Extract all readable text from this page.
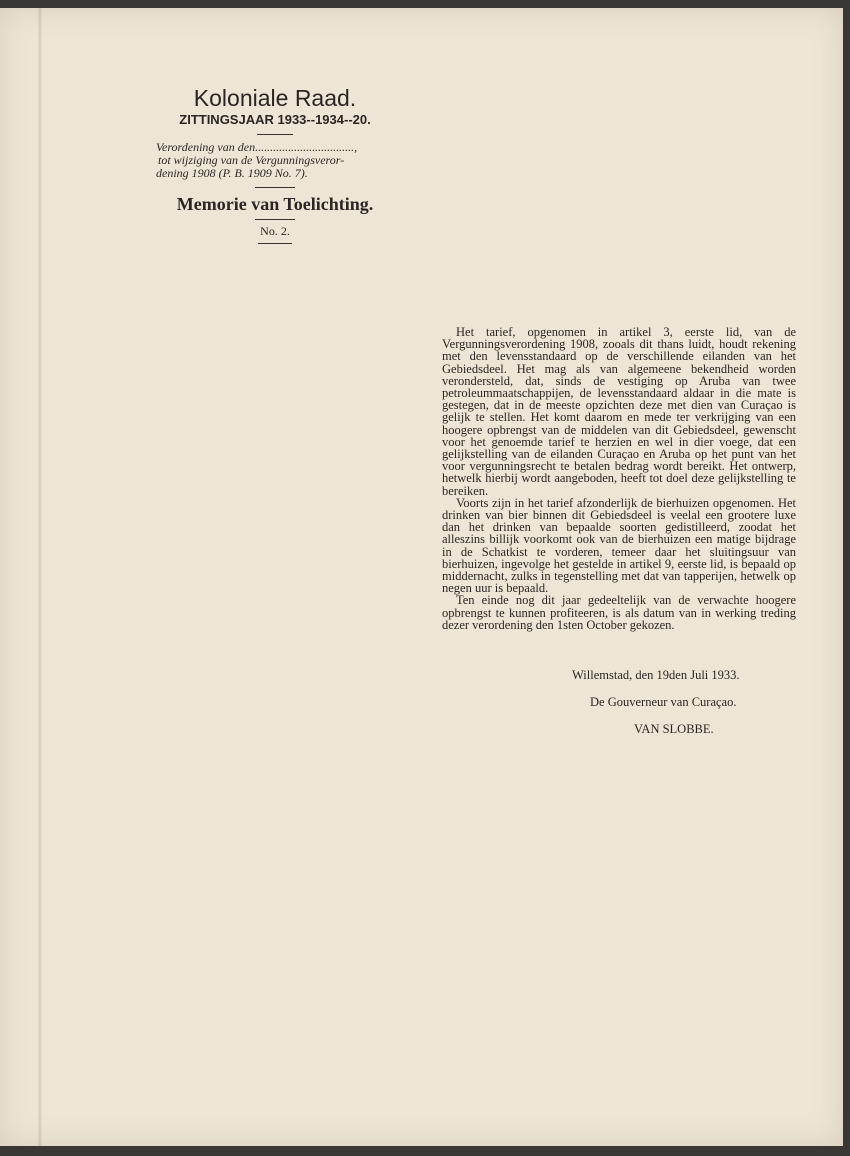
Koloniale Raad.
ZITTINGSJAAR 1933--1934--20.
Verordening van den.................................,
tot wijziging van de Vergunningsveror-
dening 1908 (P. B. 1909 No. 7).
Memorie van Toelichting.
No. 2.

Het tarief, opgenomen in artikel 3, eerste lid, van de Vergunningsverordening 1908, zooals dit thans luidt, houdt rekening met den levensstandaard op de verschillende eilanden van het Gebiedsdeel. Het mag als van algemeene bekendheid worden verondersteld, dat, sinds de vestiging op Aruba van twee petroleummaatschappijen, de levensstandaard aldaar in die mate is gestegen, dat in de meeste opzichten deze met dien van Curaçao is gelijk te stellen. Het komt daarom en mede ter verkrijging van een hoogere opbrengst van de middelen van dit Gebiedsdeel, gewenscht voor het genoemde tarief te herzien en wel in dier voege, dat een gelijkstelling van de eilanden Curaçao en Aruba op het punt van het voor vergunningsrecht te betalen bedrag wordt bereikt. Het ontwerp, hetwelk hierbij wordt aangeboden, heeft tot doel deze gelijkstelling te bereiken.

Voorts zijn in het tarief afzonderlijk de bierhuizen opgenomen. Het drinken van bier binnen dit Gebiedsdeel is veelal een grootere luxe dan het drinken van bepaalde soorten gedistilleerd, zoodat het alleszins billijk voorkomt ook van de bierhuizen een matige bijdrage in de Schatkist te vorderen, temeer daar het sluitingsuur van bierhuizen, ingevolge het gestelde in artikel 9, eerste lid, is bepaald op middernacht, zulks in tegenstelling met dat van tapperijen, hetwelk op negen uur is bepaald.

Ten einde nog dit jaar gedeeltelijk van de verwachte hoogere opbrengst te kunnen profiteeren, is als datum van in werking treding dezer verordening den 1sten October gekozen.

Willemstad, den 19den Juli 1933.
De Gouverneur van Curaçao.
VAN SLOBBE.
